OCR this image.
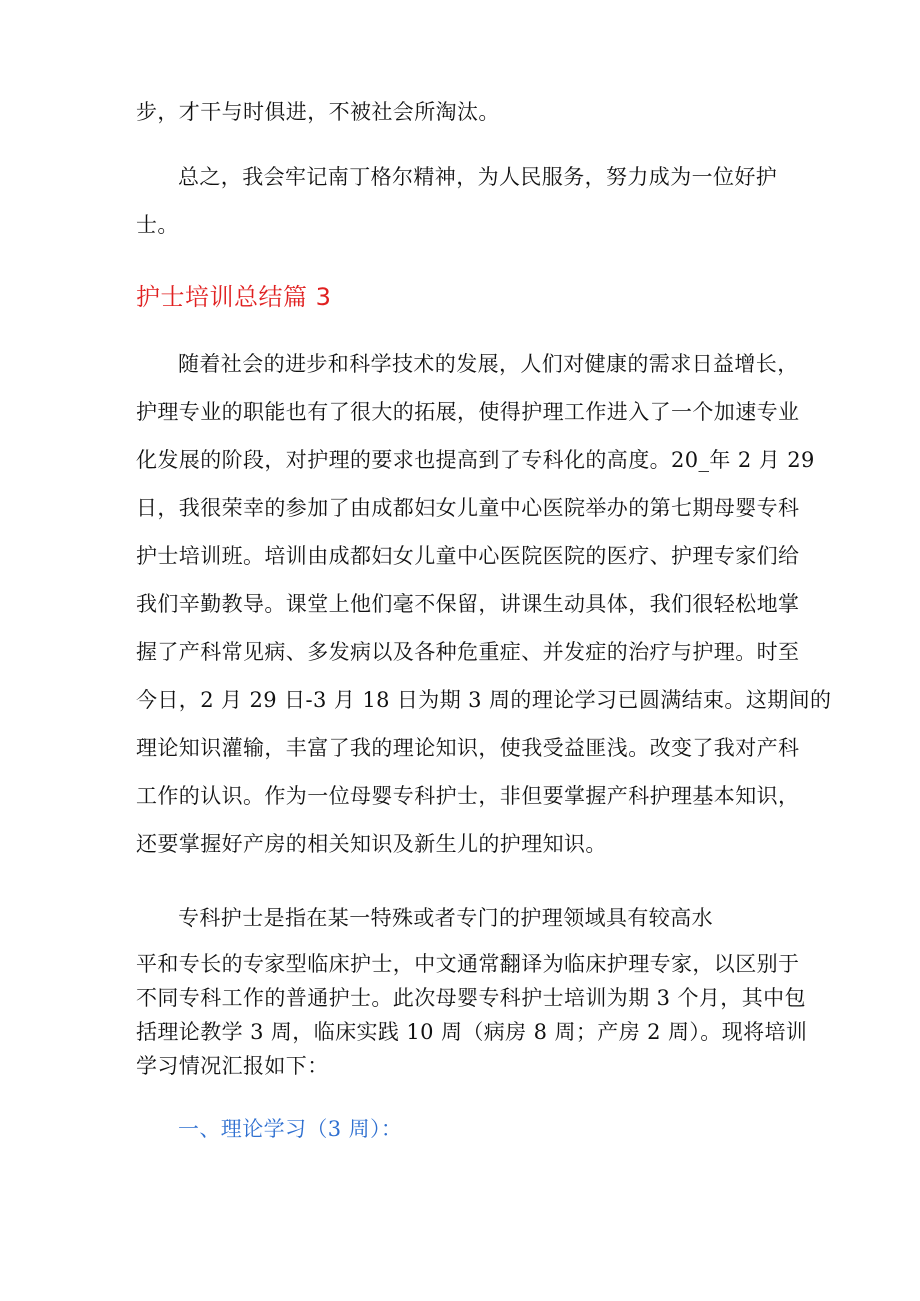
步，才干与时俱进，不被社会所淘汰。
总之，我会牢记南丁格尔精神，为人民服务，努力成为一位好护
士。
护士培训总结篇 3
随着社会的进步和科学技术的发展，人们对健康的需求日益增长，
护理专业的职能也有了很大的拓展，使得护理工作进入了一个加速专业
化发展的阶段，对护理的要求也提高到了专科化的高度。20_年 2 月 29
日，我很荣幸的参加了由成都妇女儿童中心医院举办的第七期母婴专科
护士培训班。培训由成都妇女儿童中心医院医院的医疗、护理专家们给
我们辛勤教导。课堂上他们毫不保留，讲课生动具体，我们很轻松地掌
握了产科常见病、多发病以及各种危重症、并发症的治疗与护理。时至
今日，2 月 29 日-3 月 18 日为期 3 周的理论学习已圆满结束。这期间的
理论知识灌输，丰富了我的理论知识，使我受益匪浅。改变了我对产科
工作的认识。作为一位母婴专科护士，非但要掌握产科护理基本知识，
还要掌握好产房的相关知识及新生儿的护理知识。
专科护士是指在某一特殊或者专门的护理领域具有较高水
平和专长的专家型临床护士，中文通常翻译为临床护理专家，以区别于
不同专科工作的普通护士。此次母婴专科护士培训为期 3 个月，其中包
括理论教学 3 周，临床实践 10 周（病房 8 周；产房 2 周）。现将培训
学习情况汇报如下：
一、理论学习（3 周）：
